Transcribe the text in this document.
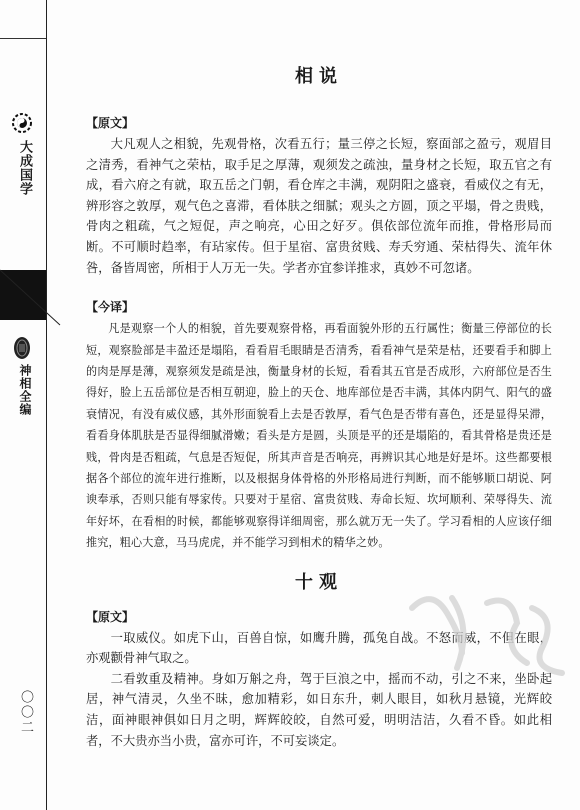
大成国学
神相全编
〇〇二
相说
【原文】

大凡观人之相貌，先观骨格，次看五行；量三停之长短，察面部之盈亏，观眉目之清秀，看神气之荣枯，取手足之厚薄，观须发之疏浊，量身材之长短，取五官之有成，看六府之有就，取五岳之门朝，看仓库之丰满，观阴阳之盛衰，看威仪之有无，辨形容之敦厚，观气色之喜滞，看体肤之细腻；观头之方圆，顶之平塌，骨之贵贱，骨肉之粗疏，气之短促，声之响亮，心田之好歹。俱依部位流年而推，骨格形局而断。不可顺时趋率，有玷家传。但于星宿、富贵贫贱、寿夭穷通、荣枯得失、流年休咎，备皆周密，所相于人万无一失。学者亦宜参详推求，真妙不可忽诸。

【今译】

凡是观察一个人的相貌，首先要观察骨格，再看面貌外形的五行属性；衡量三停部位的长短，观察脸部是丰盈还是塌陷，看看眉毛眼睛是否清秀，看看神气是荣是枯，还要看手和脚上的肉是厚是薄，观察须发是疏是浊，衡量身材的长短，看看其五官是否成形，六府部位是否生得好，脸上五岳部位是否相互朝迎，脸上的天仓、地库部位是否丰满，其体内阴气、阳气的盛衰情况，有没有威仪感，其外形面貌看上去是否敦厚，看气色是否带有喜色，还是显得呆滞，看看身体肌肤是否显得细腻滑嫩；看头是方是圆，头顶是平的还是塌陷的，看其骨格是贵还是贱，骨肉是否粗疏，气息是否短促，所其声音是否响亮，再辨识其心地是好是坏。这些都要根据各个部位的流年进行推断，以及根据身体骨格的外形格局进行判断，而不能够顺口胡说、阿谀奉承，否则只能有辱家传。只要对于星宿、富贵贫贱、寿命长短、坎坷顺利、荣辱得失、流年好坏，在看相的时候，都能够观察得详细周密，那么就万无一失了。学习看相的人应该仔细推究，粗心大意，马马虎虎，并不能学习到相术的精华之妙。

十观
【原文】

一取威仪。如虎下山，百兽自惊，如鹰升腾，孤兔自战。不怒而威，不但在眼，亦观颧骨神气取之。

二看敦重及精神。身如万斛之舟，驾于巨浪之中，摇而不动，引之不来，坐卧起居，神气清灵，久坐不昧，愈加精彩，如日东升，刺人眼目，如秋月悬镜，光辉皎洁，面神眼神俱如日月之明，辉辉皎皎，自然可爱，明明洁洁，久看不昏。如此相者，不大贵亦当小贵，富亦可许，不可妄谈定。
